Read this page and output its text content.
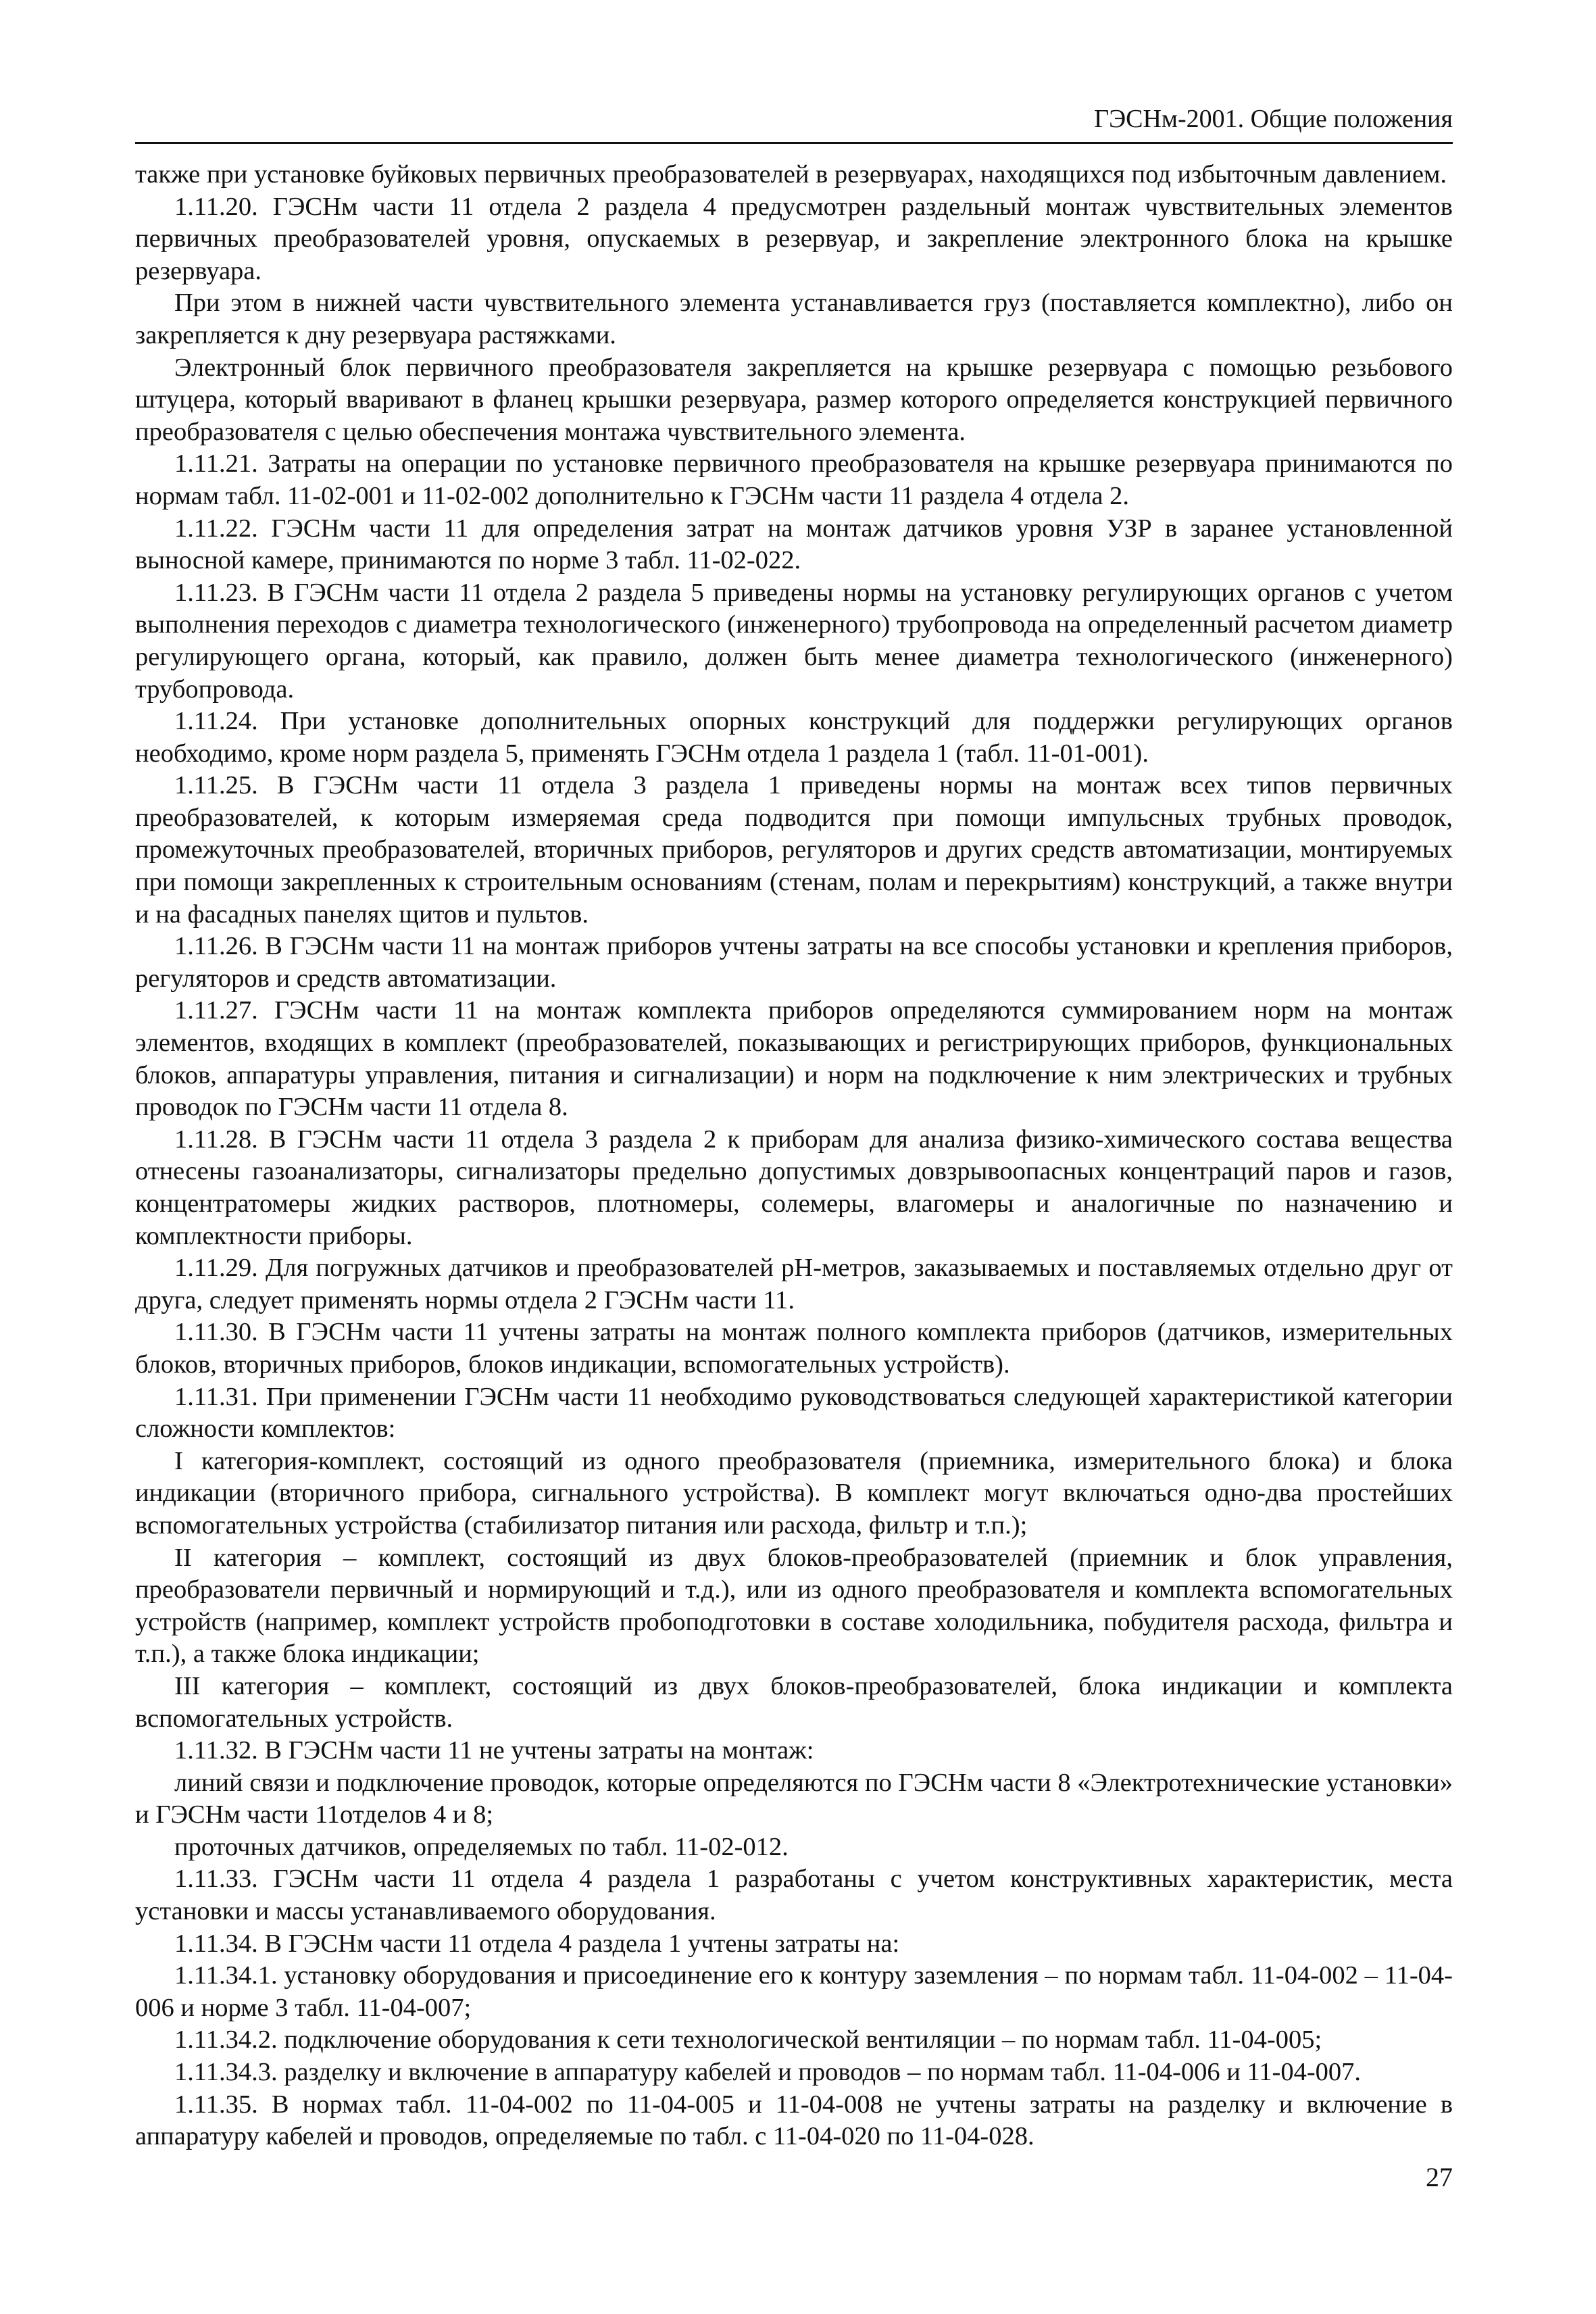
ГЭСНм-2001. Общие положения

также при установке буйковых первичных преобразователей в резервуарах, находящихся под избыточным давлением.

1.11.20. ГЭСНм части 11 отдела 2 раздела 4 предусмотрен раздельный монтаж чувствительных элементов первичных преобразователей уровня, опускаемых в резервуар, и закрепление электронного блока на крышке резервуара.

При этом в нижней части чувствительного элемента устанавливается груз (поставляется комплектно), либо он закрепляется к дну резервуара растяжками.

Электронный блок первичного преобразователя закрепляется на крышке резервуара с помощью резьбового штуцера, который вваривают в фланец крышки резервуара, размер которого определяется конструкцией первичного преобразователя с целью обеспечения монтажа чувствительного элемента.

1.11.21. Затраты на операции по установке первичного преобразователя на крышке резервуара принимаются по нормам табл. 11-02-001 и 11-02-002 дополнительно к ГЭСНм части 11 раздела 4 отдела 2.

1.11.22. ГЭСНм части 11 для определения затрат на монтаж датчиков уровня УЗР в заранее установленной выносной камере, принимаются по норме 3 табл. 11-02-022.

1.11.23. В ГЭСНм части 11 отдела 2 раздела 5 приведены нормы на установку регулирующих органов с учетом выполнения переходов с диаметра технологического (инженерного) трубопровода на определенный расчетом диаметр регулирующего органа, который, как правило, должен быть менее диаметра технологического (инженерного) трубопровода.

1.11.24. При установке дополнительных опорных конструкций для поддержки регулирующих органов необходимо, кроме норм раздела 5, применять ГЭСНм отдела 1 раздела 1 (табл. 11-01-001).

1.11.25. В ГЭСНм части 11 отдела 3 раздела 1 приведены нормы на монтаж всех типов первичных преобразователей, к которым измеряемая среда подводится при помощи импульсных трубных проводок, промежуточных преобразователей, вторичных приборов, регуляторов и других средств автоматизации, монтируемых при помощи закрепленных к строительным основаниям (стенам, полам и перекрытиям) конструкций, а также внутри и на фасадных панелях щитов и пультов.

1.11.26. В ГЭСНм части 11 на монтаж приборов учтены затраты на все способы установки и крепления приборов, регуляторов и средств автоматизации.

1.11.27. ГЭСНм части 11 на монтаж комплекта приборов определяются суммированием норм на монтаж элементов, входящих в комплект (преобразователей, показывающих и регистрирующих приборов, функциональных блоков, аппаратуры управления, питания и сигнализации) и норм на подключение к ним электрических и трубных проводок по ГЭСНм части 11 отдела 8.

1.11.28. В ГЭСНм части 11 отдела 3 раздела 2 к приборам для анализа физико-химического состава вещества отнесены газоанализаторы, сигнализаторы предельно допустимых довзрывоопасных концентраций паров и газов, концентратомеры жидких растворов, плотномеры, солемеры, влагомеры и аналогичные по назначению и комплектности приборы.

1.11.29. Для погружных датчиков и преобразователей pH-метров, заказываемых и поставляемых отдельно друг от друга, следует применять нормы отдела 2 ГЭСНм части 11.

1.11.30. В ГЭСНм части 11 учтены затраты на монтаж полного комплекта приборов (датчиков, измерительных блоков, вторичных приборов, блоков индикации, вспомогательных устройств).

1.11.31. При применении ГЭСНм части 11 необходимо руководствоваться следующей характеристикой категории сложности комплектов:

I категория-комплект, состоящий из одного преобразователя (приемника, измерительного блока) и блока индикации (вторичного прибора, сигнального устройства). В комплект могут включаться одно-два простейших вспомогательных устройства (стабилизатор питания или расхода, фильтр и т.п.);

II категория – комплект, состоящий из двух блоков-преобразователей (приемник и блок управления, преобразователи первичный и нормирующий и т.д.), или из одного преобразователя и комплекта вспомогательных устройств (например, комплект устройств пробоподготовки в составе холодильника, побудителя расхода, фильтра и т.п.), а также блока индикации;

III категория – комплект, состоящий из двух блоков-преобразователей, блока индикации и комплекта вспомогательных устройств.

1.11.32. В ГЭСНм части 11 не учтены затраты на монтаж:

линий связи и подключение проводок, которые определяются по ГЭСНм части 8 «Электротехнические установки» и ГЭСНм части 11отделов 4 и 8;

проточных датчиков, определяемых по табл. 11-02-012.

1.11.33. ГЭСНм части 11 отдела 4 раздела 1 разработаны с учетом конструктивных характеристик, места установки и массы устанавливаемого оборудования.

1.11.34. В ГЭСНм части 11 отдела 4 раздела 1 учтены затраты на:

1.11.34.1. установку оборудования и присоединение его к контуру заземления – по нормам табл. 11-04-002 – 11-04-006 и норме 3 табл. 11-04-007;

1.11.34.2. подключение оборудования к сети технологической вентиляции – по нормам табл. 11-04-005;

1.11.34.3. разделку и включение в аппаратуру кабелей и проводов – по нормам табл. 11-04-006 и 11-04-007.

1.11.35. В нормах табл. 11-04-002 по 11-04-005 и 11-04-008 не учтены затраты на разделку и включение в аппаратуру кабелей и проводов, определяемые по табл. с 11-04-020 по 11-04-028.

27
